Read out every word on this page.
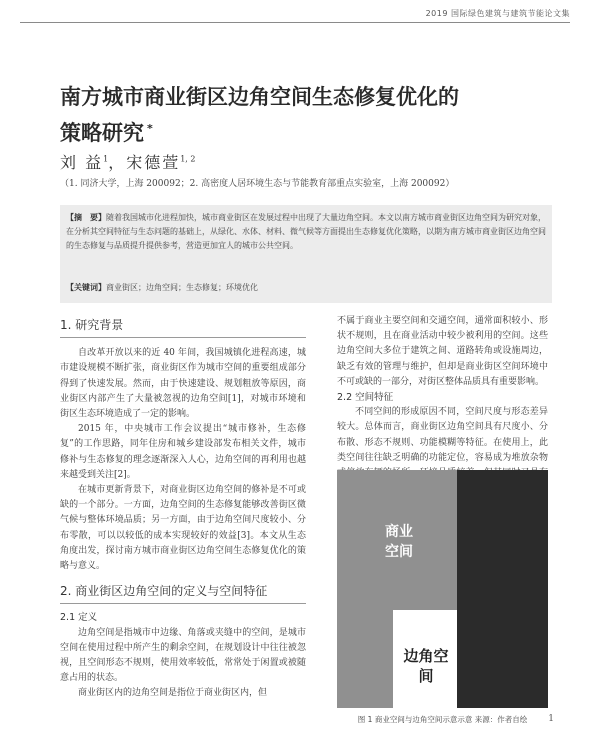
2019 国际绿色建筑与建筑节能论文集
南方城市商业街区边角空间生态修复优化的
策略研究 *
刘 益$^1$，宋德萱$^{1, 2}$
（1. 同济大学，上海 200092；2. 高密度人居环境生态与节能教育部重点实验室，上海 200092）
【摘　要】随着我国城市化进程加快，城市商业街区在发展过程中出现了大量边角空间。本文以南方城市商业街区边角空间为研究对象，在分析其空间特征与生态问题的基础上，从绿化、水体、材料、微气候等方面提出生态修复优化策略，以期为南方城市商业街区边角空间的生态修复与品质提升提供参考，营造更加宜人的城市公共空间。
【关键词】商业街区；边角空间；生态修复；环境优化
1. 研究背景

自改革开放以来的近 40 年间，我国城镇化进程高速，城市建设规模不断扩张，商业街区作为城市空间的重要组成部分得到了快速发展。然而，由于快速建设、规划粗放等原因，商业街区内部产生了大量被忽视的边角空间[1]，对城市环境和街区生态环境造成了一定的影响。

2015 年，中央城市工作会议提出“城市修补，生态修复”的工作思路，同年住房和城乡建设部发布相关文件，城市修补与生态修复的理念逐渐深入人心，边角空间的再利用也越来越受到关注[2]。

在城市更新背景下，对商业街区边角空间的修补是不可或缺的一个部分。一方面，边角空间的生态修复能够改善街区微气候与整体环境品质；另一方面，由于边角空间尺度较小、分布零散，可以以较低的成本实现较好的效益[3]。本文从生态角度出发，探讨南方城市商业街区边角空间生态修复优化的策略与意义。

2. 商业街区边角空间的定义与空间特征
2.1 定义

边角空间是指城市中边缘、角落或夹缝中的空间，是城市空间在使用过程中所产生的剩余空间，在规划设计中往往被忽视，且空间形态不规则，使用效率较低，常常处于闲置或被随意占用的状态。

商业街区内的边角空间是指位于商业街区内，但

不属于商业主要空间和交通空间，通常面积较小、形状不规则，且在商业活动中较少被利用的空间。这些边角空间大多位于建筑之间、道路转角或设施周边，缺乏有效的管理与维护，但却是商业街区空间环境中不可或缺的一部分，对街区整体品质具有重要影响。

2.2 空间特征

不同空间的形成原因不同，空间尺度与形态差异较大。总体而言，商业街区边角空间具有尺度小、分布散、形态不规则、功能模糊等特征。在使用上，此类空间往往缺乏明确的功能定位，容易成为堆放杂物

商业空间
边角空间
图 1 商业空间与边角空间示意示意 来源：作者自绘	1
